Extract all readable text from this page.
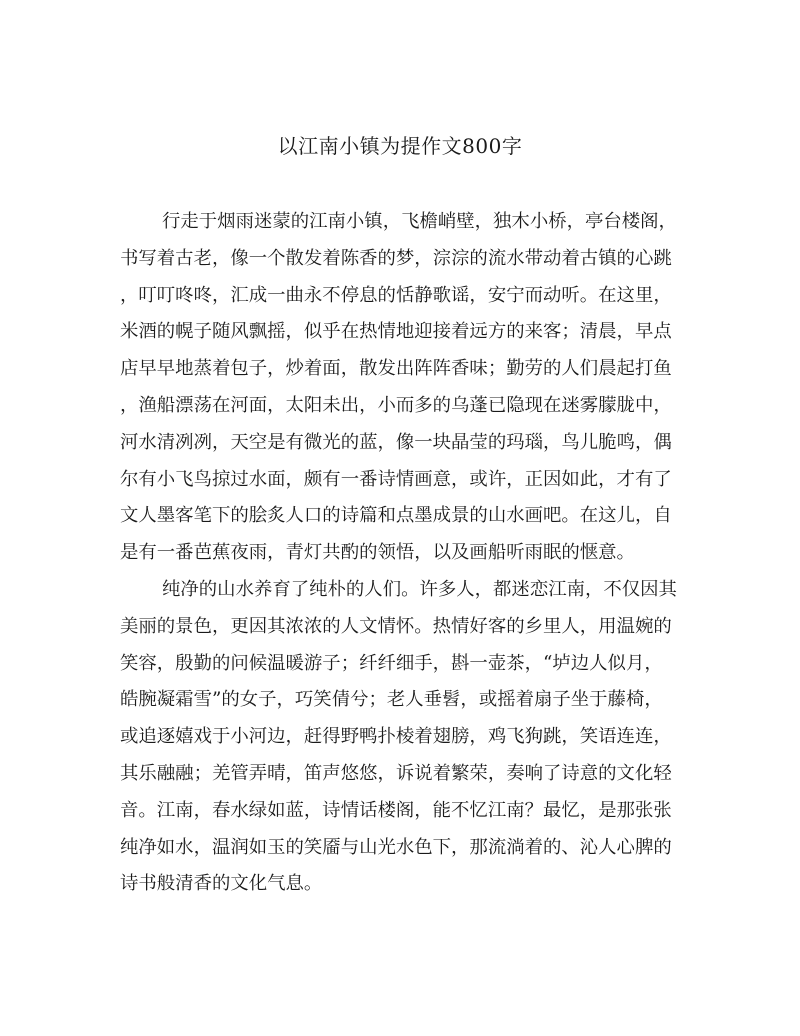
以江南小镇为提作文800字
行走于烟雨迷蒙的江南小镇，飞檐峭壁，独木小桥，亭台楼阁，
书写着古老，像一个散发着陈香的梦，淙淙的流水带动着古镇的心跳
，叮叮咚咚，汇成一曲永不停息的恬静歌谣，安宁而动听。在这里，
米酒的幌子随风飘摇，似乎在热情地迎接着远方的来客；清晨，早点
店早早地蒸着包子，炒着面，散发出阵阵香味；勤劳的人们晨起打鱼
，渔船漂荡在河面，太阳未出，小而多的乌蓬已隐现在迷雾朦胧中，
河水清冽冽，天空是有微光的蓝，像一块晶莹的玛瑙，鸟儿脆鸣，偶
尔有小飞鸟掠过水面，颇有一番诗情画意，或许，正因如此，才有了
文人墨客笔下的脍炙人口的诗篇和点墨成景的山水画吧。在这儿，自
是有一番芭蕉夜雨，青灯共酌的领悟，以及画船听雨眠的惬意。
纯净的山水养育了纯朴的人们。许多人，都迷恋江南，不仅因其
美丽的景色，更因其浓浓的人文情怀。热情好客的乡里人，用温婉的
笑容，殷勤的问候温暖游子；纤纤细手，斟一壶茶，“垆边人似月，
皓腕凝霜雪”的女子，巧笑倩兮；老人垂髫，或摇着扇子坐于藤椅，
或追逐嬉戏于小河边，赶得野鸭扑棱着翅膀，鸡飞狗跳，笑语连连，
其乐融融；羌管弄晴，笛声悠悠，诉说着繁荣，奏响了诗意的文化轻
音。江南，春水绿如蓝，诗情话楼阁，能不忆江南？最忆，是那张张
纯净如水，温润如玉的笑靥与山光水色下，那流淌着的、沁人心脾的
诗书般清香的文化气息。
